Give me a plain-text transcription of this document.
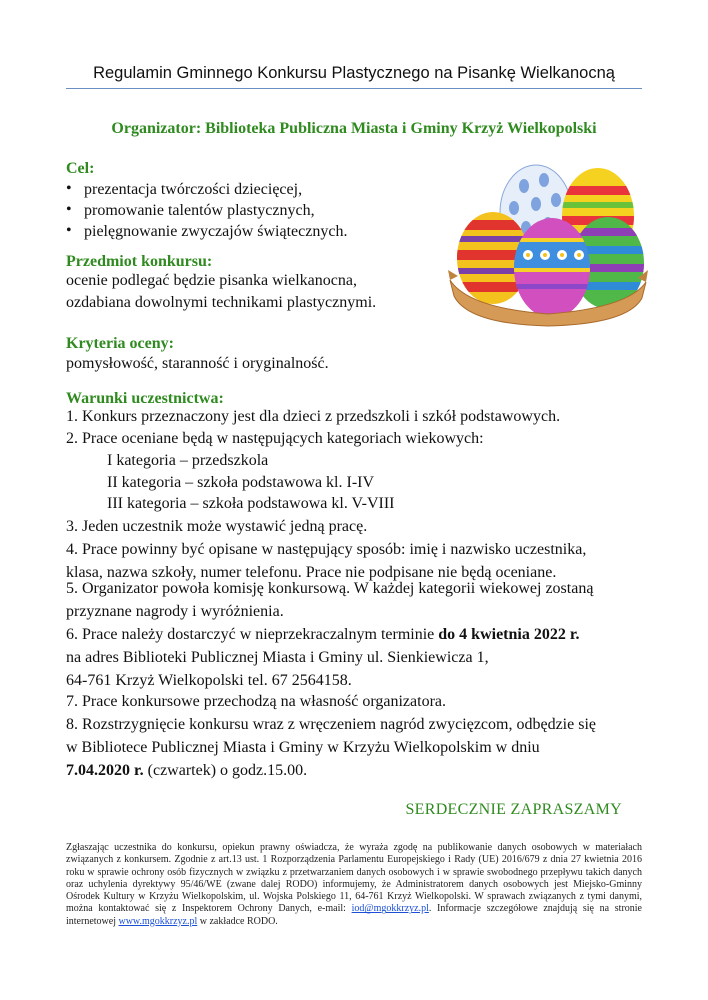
Regulamin Gminnego Konkursu Plastycznego na Pisankę Wielkanocną
Organizator: Biblioteka Publiczna Miasta i Gminy Krzyż Wielkopolski
Cel:
• prezentacja twórczości dziecięcej,
• promowanie talentów plastycznych,
• pielęgnowanie zwyczajów świątecznych.
Przedmiot konkursu:
ocenie podlegać będzie pisanka wielkanocna,
ozdabiana dowolnymi technikami plastycznymi.
Kryteria oceny:
pomysłowość, staranność i oryginalność.
Warunki uczestnictwa:
1. Konkurs przeznaczony jest dla dzieci z przedszkoli i szkół podstawowych.
2. Prace oceniane będą w następujących kategoriach wiekowych:
I kategoria – przedszkola
II kategoria – szkoła podstawowa kl. I-IV
III kategoria – szkoła podstawowa kl. V-VIII
3. Jeden uczestnik może wystawić jedną pracę.
4. Prace powinny być opisane w następujący sposób: imię i nazwisko uczestnika,
klasa, nazwa szkoły, numer telefonu. Prace nie podpisane nie będą oceniane.
5. Organizator powoła komisję konkursową. W każdej kategorii wiekowej zostaną
przyznane nagrody i wyróżnienia.
6. Prace należy dostarczyć w nieprzekraczalnym terminie do 4 kwietnia 2022 r.
na adres Biblioteki Publicznej Miasta i Gminy ul. Sienkiewicza 1,
64-761 Krzyż Wielkopolski tel. 67 2564158.
7. Prace konkursowe przechodzą na własność organizatora.
8. Rozstrzygnięcie konkursu wraz z wręczeniem nagród zwycięzcom, odbędzie się
w Bibliotece Publicznej Miasta i Gminy w Krzyżu Wielkopolskim w dniu
7.04.2020 r. (czwartek) o godz.15.00.
SERDECZNIE ZAPRASZAMY
Zgłaszając uczestnika do konkursu, opiekun prawny oświadcza, że wyraża zgodę na publikowanie danych osobowych w materiałach związanych z konkursem. Zgodnie z art.13 ust. 1 Rozporządzenia Parlamentu Europejskiego i Rady (UE) 2016/679 z dnia 27 kwietnia 2016 roku w sprawie ochrony osób fizycznych w związku z przetwarzaniem danych osobowych i w sprawie swobodnego przepływu takich danych oraz uchylenia dyrektywy 95/46/WE (zwane dalej RODO) informujemy, że Administratorem danych osobowych jest Miejsko-Gminny Ośrodek Kultury w Krzyżu Wielkopolskim, ul. Wojska Polskiego 11, 64-761 Krzyż Wielkopolski. W sprawach związanych z tymi danymi, można kontaktować się z Inspektorem Ochrony Danych, e-mail: iod@mgokkrzyz.pl. Informacje szczegółowe znajdują się na stronie internetowej www.mgokkrzyz.pl w zakładce RODO.
